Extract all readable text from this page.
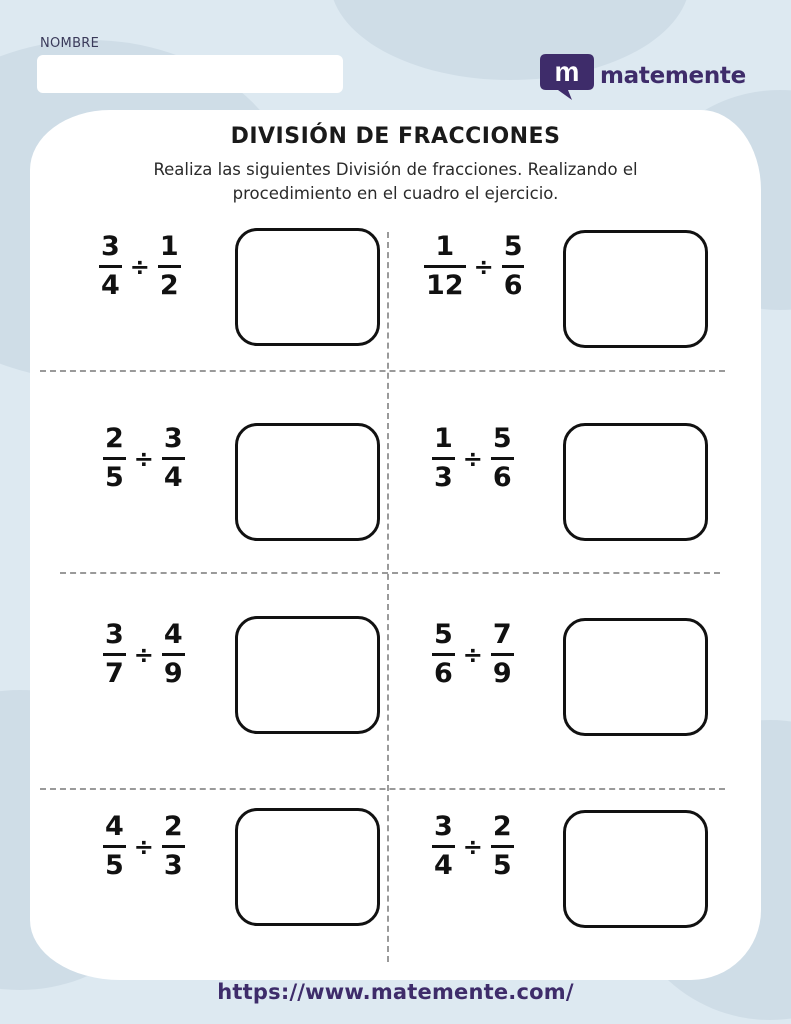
NOMBRE
m matemente
DIVISIÓN DE FRACCIONES
Realiza las siguientes División de fracciones. Realizando el procedimiento en el cuadro el ejercicio.
$\frac{3}{4} \div \frac{1}{2}$	$\frac{1}{12} \div \frac{5}{6}$
$\frac{2}{5} \div \frac{3}{4}$	$\frac{1}{3} \div \frac{5}{6}$
$\frac{3}{7} \div \frac{4}{9}$	$\frac{5}{6} \div \frac{7}{9}$
$\frac{4}{5} \div \frac{2}{3}$	$\frac{3}{4} \div \frac{2}{5}$
https://www.matemente.com/
